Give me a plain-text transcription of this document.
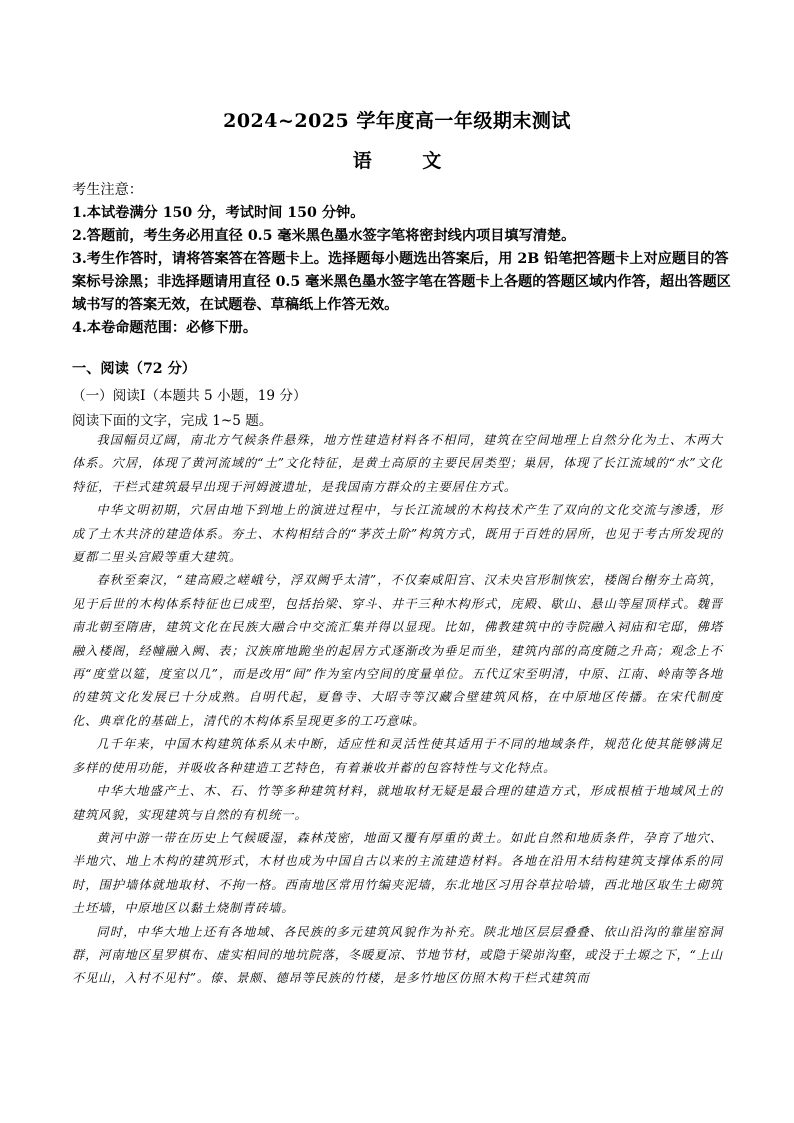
2024~2025 学年度高一年级期末测试
语 文
考生注意：
1.本试卷满分 150 分，考试时间 150 分钟。
2.答题前，考生务必用直径 0.5 毫米黑色墨水签字笔将密封线内项目填写清楚。
3.考生作答时，请将答案答在答题卡上。选择题每小题选出答案后，用 2B 铅笔把答题卡上对应题目的答案标号涂黑；非选择题请用直径 0.5 毫米黑色墨水签字笔在答题卡上各题的答题区域内作答，超出答题区域书写的答案无效，在试题卷、草稿纸上作答无效。
4.本卷命题范围：必修下册。
一、阅读（72 分）
（一）阅读Ⅰ（本题共 5 小题，19 分）
阅读下面的文字，完成 1~5 题。

我国幅员辽阔，南北方气候条件悬殊，地方性建造材料各不相同，建筑在空间地理上自然分化为土、木两大体系。穴居，体现了黄河流域的“土”文化特征，是黄土高原的主要民居类型；巢居，体现了长江流域的“水”文化特征，干栏式建筑最早出现于河姆渡遗址，是我国南方群众的主要居住方式。

中华文明初期，穴居由地下到地上的演进过程中，与长江流域的木构技术产生了双向的文化交流与渗透，形成了土木共济的建造体系。夯土、木构相结合的“茅茨土阶”构筑方式，既用于百姓的居所，也见于考古所发现的夏都二里头宫殿等重大建筑。

春秋至秦汉，“建高殿之嵯峨兮，浮双阙乎太清”，不仅秦咸阳宫、汉未央宫形制恢宏，楼阁台榭夯土高筑，见于后世的木构体系特征也已成型，包括抬梁、穿斗、井干三种木构形式，庑殿、歇山、悬山等屋顶样式。魏晋南北朝至隋唐，建筑文化在民族大融合中交流汇集并得以显现。比如，佛教建筑中的寺院融入祠庙和宅邸，佛塔融入楼阁，经幢融入阙、表；汉族席地跪坐的起居方式逐渐改为垂足而坐，建筑内部的高度随之升高；观念上不再“度堂以筵，度室以几”，而是改用“间”作为室内空间的度量单位。五代辽宋至明清，中原、江南、岭南等各地的建筑文化发展已十分成熟。自明代起，夏鲁寺、大昭寺等汉藏合壁建筑风格，在中原地区传播。在宋代制度化、典章化的基础上，清代的木构体系呈现更多的工巧意味。

几千年来，中国木构建筑体系从未中断，适应性和灵活性使其适用于不同的地域条件，规范化使其能够满足多样的使用功能，并吸收各种建造工艺特色，有着兼收并蓄的包容特性与文化特点。

中华大地盛产土、木、石、竹等多种建筑材料，就地取材无疑是最合理的建造方式，形成根植于地域风土的建筑风貌，实现建筑与自然的有机统一。

黄河中游一带在历史上气候暖湿，森林茂密，地面又覆有厚重的黄土。如此自然和地质条件，孕育了地穴、半地穴、地上木构的建筑形式，木材也成为中国自古以来的主流建造材料。各地在沿用木结构建筑支撑体系的同时，围护墙体就地取材、不拘一格。西南地区常用竹编夹泥墙，东北地区习用谷草拉哈墙，西北地区取生土砌筑土坯墙，中原地区以黏土烧制青砖墙。

同时，中华大地上还有各地域、各民族的多元建筑风貌作为补充。陕北地区层层叠叠、依山沿沟的靠崖窑洞群，河南地区星罗棋布、虚实相间的地坑院落，冬暖夏凉、节地节材，或隐于梁峁沟壑，或没于土塬之下，“上山不见山，入村不见村”。傣、景颇、德昂等民族的竹楼，是多竹地区仿照木构干栏式建筑而
